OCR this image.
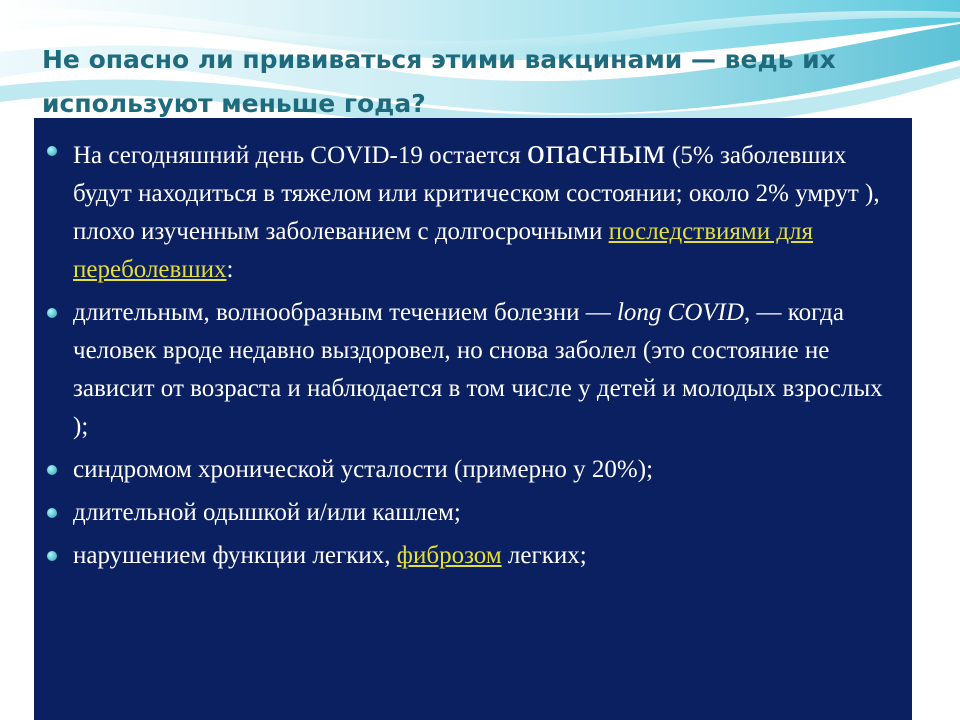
Не опасно ли прививаться этими вакцинами — ведь их используют меньше года?
На сегодняшний день COVID-19 остается опасным (5% заболевших будут находиться в тяжелом или критическом состоянии; около 2% умрут ), плохо изученным заболеванием с долгосрочными последствиями для переболевших:
длительным, волнообразным течением болезни — long COVID, — когда человек вроде недавно выздоровел, но снова заболел (это состояние не зависит от возраста и наблюдается в том числе у детей и молодых взрослых );
синдромом хронической усталости (примерно у 20%);
длительной одышкой и/или кашлем;
нарушением функции легких, фиброзом легких;
